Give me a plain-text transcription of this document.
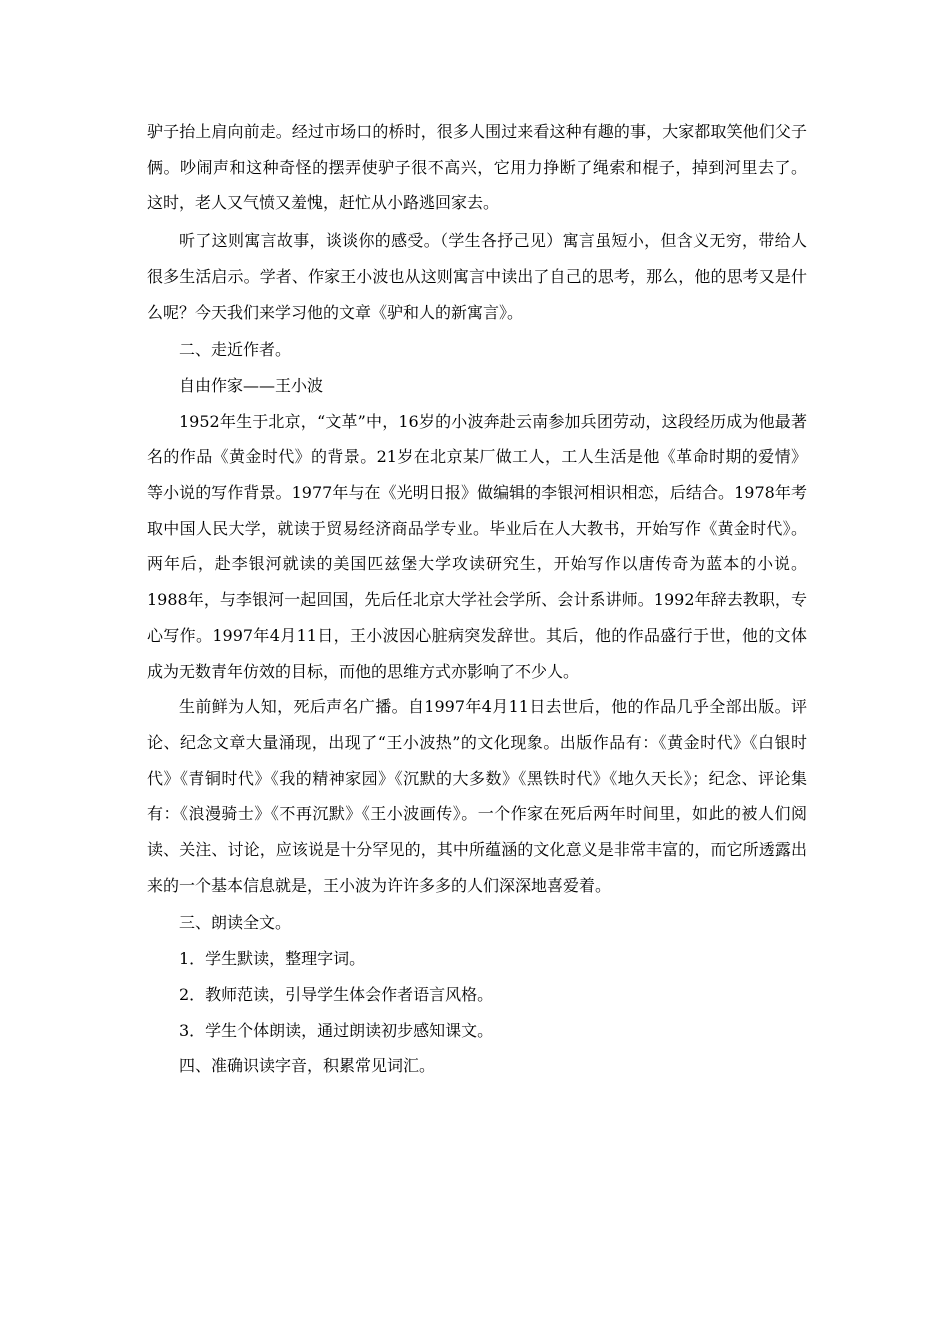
驴子抬上肩向前走。经过市场口的桥时，很多人围过来看这种有趣的事，大家都取笑他们父子俩。吵闹声和这种奇怪的摆弄使驴子很不高兴，它用力挣断了绳索和棍子，掉到河里去了。 这时，老人又气愤又羞愧，赶忙从小路逃回家去。

听了这则寓言故事，谈谈你的感受。（学生各抒己见）寓言虽短小，但含义无穷，带给人很多生活启示。学者、作家王小波也从这则寓言中读出了自己的思考，那么，他的思考又是什么呢？今天我们来学习他的文章《驴和人的新寓言》。

二、走近作者。

自由作家——王小波

1952年生于北京，“文革”中，16岁的小波奔赴云南参加兵团劳动，这段经历成为他最著名的作品《黄金时代》的背景。21岁在北京某厂做工人，工人生活是他《革命时期的爱情》等小说的写作背景。1977年与在《光明日报》做编辑的李银河相识相恋，后结合。1978年考取中国人民大学，就读于贸易经济商品学专业。毕业后在人大教书，开始写作《黄金时代》。两年后，赴李银河就读的美国匹兹堡大学攻读研究生，开始写作以唐传奇为蓝本的小说。1988年，与李银河一起回国，先后任北京大学社会学所、会计系讲师。1992年辞去教职，专心写作。1997年4月11日，王小波因心脏病突发辞世。其后，他的作品盛行于世，他的文体成为无数青年仿效的目标，而他的思维方式亦影响了不少人。

生前鲜为人知，死后声名广播。自1997年4月11日去世后，他的作品几乎全部出版。评论、纪念文章大量涌现，出现了“王小波热”的文化现象。出版作品有：《黄金时代》《白银时代》《青铜时代》《我的精神家园》《沉默的大多数》《黑铁时代》《地久天长》；纪念、评论集有：《浪漫骑士》《不再沉默》《王小波画传》。一个作家在死后两年时间里，如此的被人们阅读、关注、讨论，应该说是十分罕见的，其中所蕴涵的文化意义是非常丰富的，而它所透露出来的一个基本信息就是，王小波为许许多多的人们深深地喜爱着。

三、朗读全文。

1．学生默读，整理字词。

2．教师范读，引导学生体会作者语言风格。

3．学生个体朗读，通过朗读初步感知课文。

四、准确识读字音，积累常见词汇。
